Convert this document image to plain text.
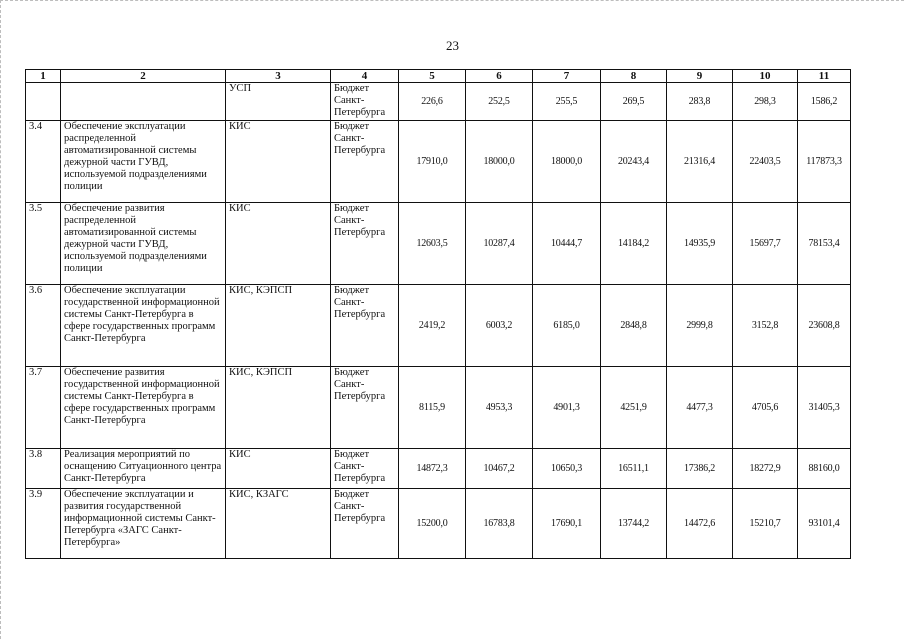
23
1	2	3	4	5	6	7	8	9	10	11
		УСП	Бюджет Санкт-Петербурга	226,6	252,5	255,5	269,5	283,8	298,3	1586,2
3.4	Обеспечение эксплуатации распределенной автоматизированной системы дежурной части ГУВД, используемой подразделениями полиции	КИС	Бюджет Санкт-Петербурга	17910,0	18000,0	18000,0	20243,4	21316,4	22403,5	117873,3
3.5	Обеспечение развития распределенной автоматизированной системы дежурной части ГУВД, используемой подразделениями полиции	КИС	Бюджет Санкт-Петербурга	12603,5	10287,4	10444,7	14184,2	14935,9	15697,7	78153,4
3.6	Обеспечение эксплуатации государственной информационной системы Санкт-Петербурга в сфере государственных программ Санкт-Петербурга	КИС, КЭПСП	Бюджет Санкт-Петербурга	2419,2	6003,2	6185,0	2848,8	2999,8	3152,8	23608,8
3.7	Обеспечение развития государственной информационной системы Санкт-Петербурга в сфере государственных программ Санкт-Петербурга	КИС, КЭПСП	Бюджет Санкт-Петербурга	8115,9	4953,3	4901,3	4251,9	4477,3	4705,6	31405,3
3.8	Реализация мероприятий по оснащению Ситуационного центра Санкт-Петербурга	КИС	Бюджет Санкт-Петербурга	14872,3	10467,2	10650,3	16511,1	17386,2	18272,9	88160,0
3.9	Обеспечение эксплуатации и развития государственной информационной системы Санкт-Петербурга «ЗАГС Санкт-Петербурга»	КИС, КЗАГС	Бюджет Санкт-Петербурга	15200,0	16783,8	17690,1	13744,2	14472,6	15210,7	93101,4
